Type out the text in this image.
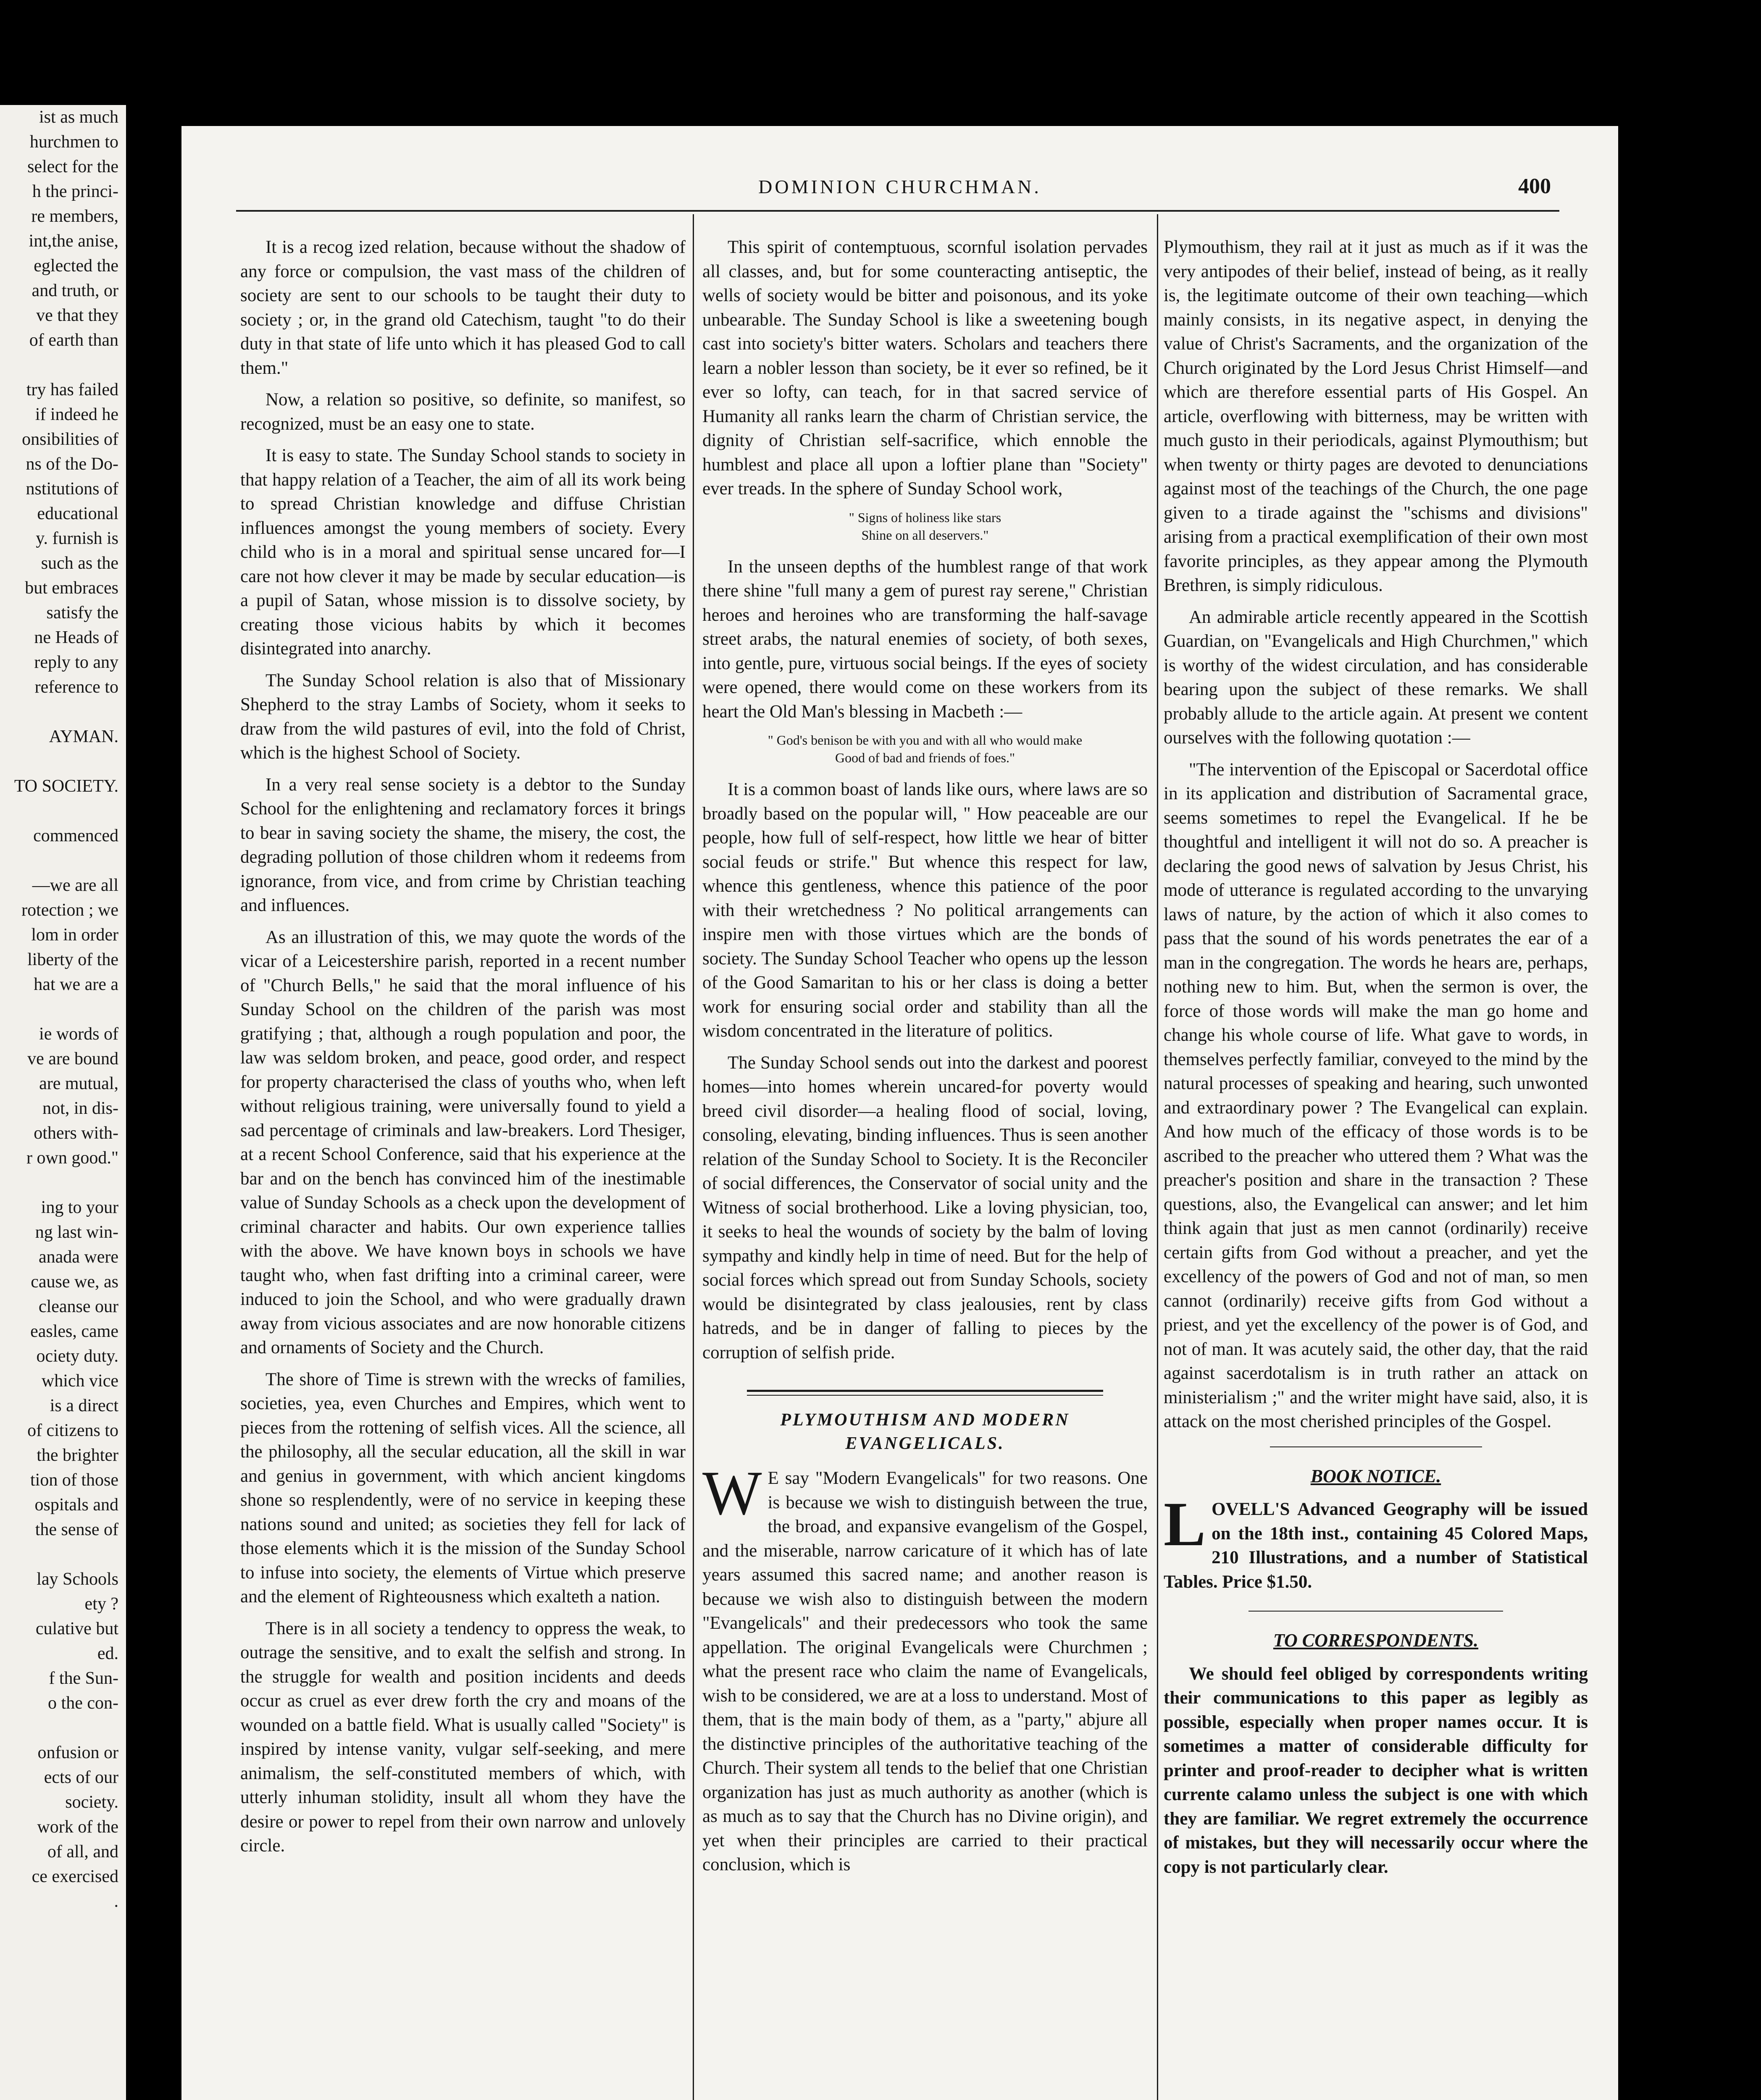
ist as much
hurchmen to
select for the
h the princi-
re members,
int,the anise,
eglected the
and truth, or
ve that they
of earth than

try has failed
if indeed he
onsibilities of
ns of the Do-
nstitutions of
educational
y. furnish is
such as the
but embraces
satisfy the
ne Heads of
reply to any
reference to

AYMAN.

TO SOCIETY.

commenced

—we are all
rotection ; we
lom in order
liberty of the
hat we are a

ie words of
ve are bound
are mutual,
not, in dis-
others with-
r own good."

ing to your
ng last win-
anada were
cause we, as
cleanse our
easles, came
ociety duty.
which vice
is a direct
of citizens to
the brighter
tion of those
ospitals and
the sense of

lay Schools
ety ?
culative but
ed.
f the Sun-
o the con-

onfusion or
ects of our
society.
work of the
of all, and
ce exercised
.
DOMINION CHURCHMAN.	400

It is a recog ized relation, because without the shadow of any force or compulsion, the vast mass of the children of society are sent to our schools to be taught their duty to society ; or, in the grand old Catechism, taught "to do their duty in that state of life unto which it has pleased God to call them."

Now, a relation so positive, so definite, so manifest, so recognized, must be an easy one to state.

It is easy to state. The Sunday School stands to society in that happy relation of a Teacher, the aim of all its work being to spread Christian knowledge and diffuse Christian influences amongst the young members of society. Every child who is in a moral and spiritual sense uncared for—I care not how clever it may be made by secular education—is a pupil of Satan, whose mission is to dissolve society, by creating those vicious habits by which it becomes disintegrated into anarchy.

The Sunday School relation is also that of Missionary Shepherd to the stray Lambs of Society, whom it seeks to draw from the wild pastures of evil, into the fold of Christ, which is the highest School of Society.

In a very real sense society is a debtor to the Sunday School for the enlightening and reclamatory forces it brings to bear in saving society the shame, the misery, the cost, the degrading pollution of those children whom it redeems from ignorance, from vice, and from crime by Christian teaching and influences.

As an illustration of this, we may quote the words of the vicar of a Leicestershire parish, reported in a recent number of "Church Bells," he said that the moral influence of his Sunday School on the children of the parish was most gratifying ; that, although a rough population and poor, the law was seldom broken, and peace, good order, and respect for property characterised the class of youths who, when left without religious training, were universally found to yield a sad percentage of criminals and law-breakers. Lord Thesiger, at a recent School Conference, said that his experience at the bar and on the bench has convinced him of the inestimable value of Sunday Schools as a check upon the development of criminal character and habits. Our own experience tallies with the above. We have known boys in schools we have taught who, when fast drifting into a criminal career, were induced to join the School, and who were gradually drawn away from vicious associates and are now honorable citizens and ornaments of Society and the Church.

The shore of Time is strewn with the wrecks of families, societies, yea, even Churches and Empires, which went to pieces from the rottening of selfish vices. All the science, all the philosophy, all the secular education, all the skill in war and genius in government, with which ancient kingdoms shone so resplendently, were of no service in keeping these nations sound and united; as societies they fell for lack of those elements which it is the mission of the Sunday School to infuse into society, the elements of Virtue which preserve and the element of Righteousness which exalteth a nation.

There is in all society a tendency to oppress the weak, to outrage the sensitive, and to exalt the selfish and strong. In the struggle for wealth and position incidents and deeds occur as cruel as ever drew forth the cry and moans of the wounded on a battle field. What is usually called "Society" is inspired by intense vanity, vulgar self-seeking, and mere animalism, the self-constituted members of which, with utterly inhuman stolidity, insult all whom they have the desire or power to repel from their own narrow and unlovely circle.

This spirit of contemptuous, scornful isolation pervades all classes, and, but for some counteracting antiseptic, the wells of society would be bitter and poisonous, and its yoke unbearable. The Sunday School is like a sweetening bough cast into society's bitter waters. Scholars and teachers there learn a nobler lesson than society, be it ever so refined, be it ever so lofty, can teach, for in that sacred service of Humanity all ranks learn the charm of Christian service, the dignity of Christian self-sacrifice, which ennoble the humblest and place all upon a loftier plane than "Society" ever treads. In the sphere of Sunday School work,

" Signs of holiness like stars
Shine on all deservers."

In the unseen depths of the humblest range of that work there shine "full many a gem of purest ray serene," Christian heroes and heroines who are transforming the half-savage street arabs, the natural enemies of society, of both sexes, into gentle, pure, virtuous social beings. If the eyes of society were opened, there would come on these workers from its heart the Old Man's blessing in Macbeth :—

" God's benison be with you and with all who would make
Good of bad and friends of foes."

It is a common boast of lands like ours, where laws are so broadly based on the popular will, " How peaceable are our people, how full of self-respect, how little we hear of bitter social feuds or strife." But whence this respect for law, whence this gentleness, whence this patience of the poor with their wretchedness ? No political arrangements can inspire men with those virtues which are the bonds of society. The Sunday School Teacher who opens up the lesson of the Good Samaritan to his or her class is doing a better work for ensuring social order and stability than all the wisdom concentrated in the literature of politics.

The Sunday School sends out into the darkest and poorest homes—into homes wherein uncared-for poverty would breed civil disorder—a healing flood of social, loving, consoling, elevating, binding influences. Thus is seen another relation of the Sunday School to Society. It is the Reconciler of social differences, the Conservator of social unity and the Witness of social brotherhood. Like a loving physician, too, it seeks to heal the wounds of society by the balm of loving sympathy and kindly help in time of need. But for the help of social forces which spread out from Sunday Schools, society would be disintegrated by class jealousies, rent by class hatreds, and be in danger of falling to pieces by the corruption of selfish pride.

PLYMOUTHISM AND MODERN EVANGELICALS.

W E say "Modern Evangelicals" for two reasons. One is because we wish to distinguish between the true, the broad, and expansive evangelism of the Gospel, and the miserable, narrow caricature of it which has of late years assumed this sacred name; and another reason is because we wish also to distinguish between the modern "Evangelicals" and their predecessors who took the same appellation. The original Evangelicals were Churchmen ; what the present race who claim the name of Evangelicals, wish to be considered, we are at a loss to understand. Most of them, that is the main body of them, as a "party," abjure all the distinctive principles of the authoritative teaching of the Church. Their system all tends to the belief that one Christian organization has just as much authority as another (which is as much as to say that the Church has no Divine origin), and yet when their principles are carried to their practical conclusion, which is

Plymouthism, they rail at it just as much as if it was the very antipodes of their belief, instead of being, as it really is, the legitimate outcome of their own teaching—which mainly consists, in its negative aspect, in denying the value of Christ's Sacraments, and the organization of the Church originated by the Lord Jesus Christ Himself—and which are therefore essential parts of His Gospel. An article, overflowing with bitterness, may be written with much gusto in their periodicals, against Plymouthism; but when twenty or thirty pages are devoted to denunciations against most of the teachings of the Church, the one page given to a tirade against the "schisms and divisions" arising from a practical exemplification of their own most favorite principles, as they appear among the Plymouth Brethren, is simply ridiculous.

An admirable article recently appeared in the Scottish Guardian, on "Evangelicals and High Churchmen," which is worthy of the widest circulation, and has considerable bearing upon the subject of these remarks. We shall probably allude to the article again. At present we content ourselves with the following quotation :—

"The intervention of the Episcopal or Sacerdotal office in its application and distribution of Sacramental grace, seems sometimes to repel the Evangelical. If he be thoughtful and intelligent it will not do so. A preacher is declaring the good news of salvation by Jesus Christ, his mode of utterance is regulated according to the unvarying laws of nature, by the action of which it also comes to pass that the sound of his words penetrates the ear of a man in the congregation. The words he hears are, perhaps, nothing new to him. But, when the sermon is over, the force of those words will make the man go home and change his whole course of life. What gave to words, in themselves perfectly familiar, conveyed to the mind by the natural processes of speaking and hearing, such unwonted and extraordinary power ? The Evangelical can explain. And how much of the efficacy of those words is to be ascribed to the preacher who uttered them ? What was the preacher's position and share in the transaction ? These questions, also, the Evangelical can answer; and let him think again that just as men cannot (ordinarily) receive certain gifts from God without a preacher, and yet the excellency of the powers of God and not of man, so men cannot (ordinarily) receive gifts from God without a priest, and yet the excellency of the power is of God, and not of man. It was acutely said, the other day, that the raid against sacerdotalism is in truth rather an attack on ministerialism ;" and the writer might have said, also, it is attack on the most cherished principles of the Gospel.

BOOK NOTICE.

LOVELL'S Advanced Geography will be issued on the 18th inst., containing 45 Colored Maps, 210 Illustrations, and a number of Statistical Tables. Price $1.50.

TO CORRESPONDENTS.

We should feel obliged by correspondents writing their communications to this paper as legibly as possible, especially when proper names occur. It is sometimes a matter of considerable difficulty for printer and proof-reader to decipher what is written currente calamo unless the subject is one with which they are familiar. We regret extremely the occurrence of mistakes, but they will necessarily occur where the copy is not particularly clear.
